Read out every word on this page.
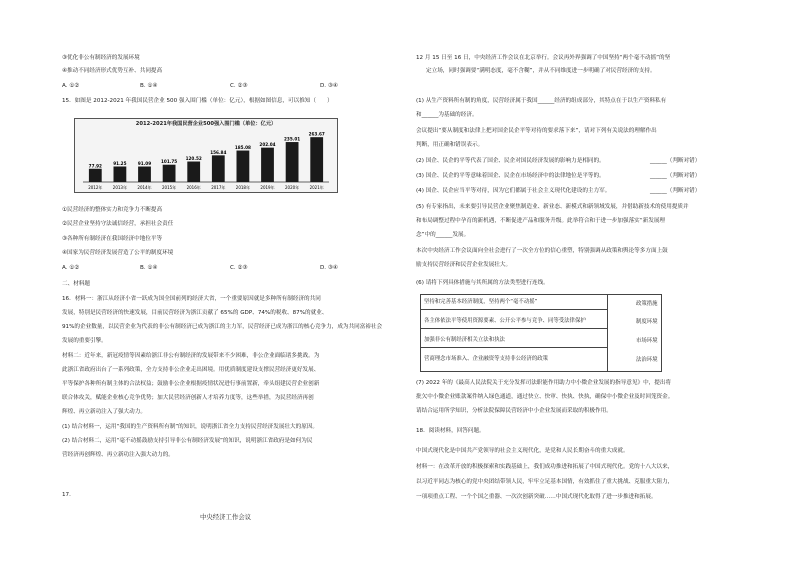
③优化非公有制经济的发展环境
④推动不同经济形式优势互补、共同提高
A. ①②	B. ①④	C. ②③	D. ③④
15．如图是 2012-2021 年我国民营企业 500 强入围门槛（单位：亿元），根据如图信息，可以推知（　　）
2012-2021年我国民营企业500强入围门槛（单位：亿元）
77.92
2012年
91.25
2013年
91.09
2014年
101.75
2015年
120.52
2016年
156.84
2017年
185.08
2018年
202.04
2019年
235.01
2020年
263.67
2021年
①民营经济的整体实力和竞争力不断提高
②民营企业坚持守法诚信经营，承担社会责任
③各种所有制经济在我国经济中地位平等
④国家为民营经济发展营造了公平的制度环境
A. ①②	B. ①④	C. ②③	D. ③④
二、材料题
16．材料一：浙江从经济小省一跃成为国全国前列的经济大省，一个重要原因就是多种所有制经济的共同
发展，特别是民营经济的快速发展，目前民营经济为浙江贡献了 65%的 GDP、74%的税收、87%的就业、
91%的企业数量，以民营企业为代表的非公有制经济已成为浙江的主力军，民营经济已成为浙江的核心竞争力，成为共同富裕社会
发展的重要引擎。
材料二：近年来，新冠疫情等因素给浙江非公有制经济的发展带来不少困难，非公企业面临诸多挑战。为
此浙江省政府出台了一系列政策，全力支持非公企业走出困境。用优质制度建设支撑民营经济更好发展、
平等保护各种所有制主体的合法权益；鼓励非公企业根据疫情状况进行事前置新，牵头组建民营企业创新
联合体攻关，赋能企业核心竞争优势；加大民营经济创新人才培养力度等，这些举措，为民营经济再创
辉煌、再立新功注入了强大动力。
(1) 结合材料一，运用“我国的生产资料所有制”的知识，说明浙江省全力支持民营经济发展壮大的原因。
(2) 结合材料二，运用“毫不动摇鼓励支持引导非公有制经济发展”的知识，说明浙江省政府是如何为民
营经济再创辉煌、再立新功注入强大动力的。
17．
中央经济工作会议
12 月 15 日至 16 日，中央经济工作会议在北京举行。会议再外界强调了中国坚持“两个毫不动摇”的坚
定立场，同时强调要“满明态度，毫不含糊”，并从不同维度进一步明确了对民营经济的支持。
(1) 从生产资料所有制的角度，民营经济属于我国______经济的组成部分，其特点在于以生产资料私有
和______为基础的经济。
会议提出“要从制度和法律上把对国企民企平等对待的要求落下来”，请对下列有关说法的理解作出
判断，用正确和错误表示。
(2) 国企、民企的平等代表了国企、民企对国民经济发展的影响力是相同的。	______（判断对错）
(3) 国企、民企的平等意味着国企、民企在市场经济中的法律地位是平等的。	______（判断对错）
(4) 国企、民企应当平等对待，因为它们都属于社会主义现代化建设的主力军。	______（判断对错）
(5) 有专家指出，未来要引导民营企业聚焦制造业、新业态、新模式和新领域发展，并借助新技术的使用提质并
和布局调整过程中孕育的新机遇，不断促进产品和服务升级。此举符合和于进一步加强落实“新发展理
念”中的______发展。
本次中央经济工作会议面向全社会进行了一次全方位的信心重塑，特别强调从政策和舆论等多方面上鼓
励支持民营经济和民营企业发展壮大。
(6) 请将下列具体措施与其所属的方法类型进行连线。
坚持和完善基本经济制度，坚持两个“毫不动摇”
各主体依法平等使用资源要素、公开公平参与竞争、同等受法律保护
加强非公有制经济相关立法和执法
营商理念市场准入、企业融资等支持非公经济的政策
政策措施
制度环境
市场环境
法治环境
(7) 2022 年的《最高人民法院关于充分发挥司法职能作用助力中小微企业发展的指导意见》中，提出将
批欠中小微企业账款案件纳入绿色通道，通过快立、快审、快执、快执，确保中小微企业及时回笼资金。
请结合运用所学知识，分析法院保障民营经济中小企业发展而采取的积极作用。
18．阅读材料，回答问题。
中国式现代化是中国共产党领导的社会主义现代化，是党和人民长期奋斗的重大成就。
材料一：在改革开放的积极探索和实践基础上，我们成功推进和拓展了中国式现代化。党的十八大以来，
以习近平同志为核心的党中央团结带领人民，牢牢立足基本国情，有效抓住了重大挑战、克服重大阻力，
一项项重点工程、一个个国之重器、一次次创新突破……中国式现代化取得了进一步推进和拓展。
